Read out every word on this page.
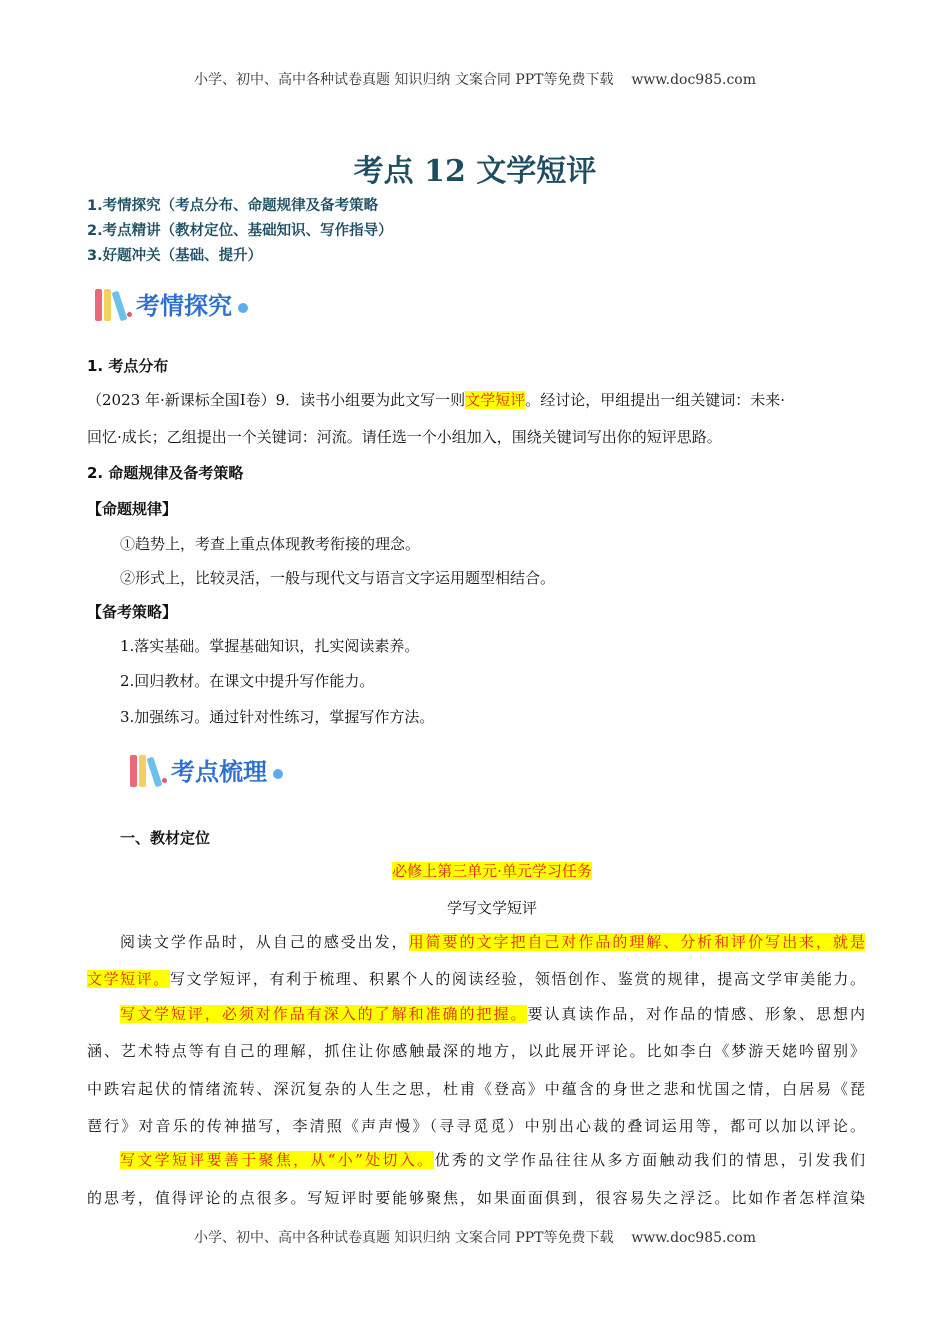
小学、初中、高中各种试卷真题 知识归纳 文案合同 PPT等免费下载 www.doc985.com
考点 12 文学短评
1.考情探究（考点分布、命题规律及备考策略
2.考点精讲（教材定位、基础知识、写作指导）
3.好题冲关（基础、提升）
考情探究
1. 考点分布
（2023 年·新课标全国Ⅰ卷）9．读书小组要为此文写一则文学短评。经讨论，甲组提出一组关键词：未来·
回忆·成长；乙组提出一个关键词：河流。请任选一个小组加入，围绕关键词写出你的短评思路。
2. 命题规律及备考策略
【命题规律】
①趋势上，考查上重点体现教考衔接的理念。
②形式上，比较灵活，一般与现代文与语言文字运用题型相结合。
【备考策略】
1.落实基础。掌握基础知识，扎实阅读素养。
2.回归教材。在课文中提升写作能力。
3.加强练习。通过针对性练习，掌握写作方法。
考点梳理
一、教材定位
必修上第三单元·单元学习任务
学写文学短评
阅读文学作品时，从自己的感受出发，用简要的文字把自己对作品的理解、分析和评价写出来，就是
文学短评。写文学短评，有利于梳理、积累个人的阅读经验，领悟创作、鉴赏的规律，提高文学审美能力。
写文学短评，必须对作品有深入的了解和准确的把握。要认真读作品，对作品的情感、形象、思想内
涵、艺术特点等有自己的理解，抓住让你感触最深的地方，以此展开评论。比如李白《梦游天姥吟留别》
中跌宕起伏的情绪流转、深沉复杂的人生之思，杜甫《登高》中蕴含的身世之悲和忧国之情，白居易《琵
琶行》对音乐的传神描写，李清照《声声慢》（寻寻觅觅）中别出心裁的叠词运用等，都可以加以评论。
写文学短评要善于聚焦，从“小”处切入。优秀的文学作品往往从多方面触动我们的情思，引发我们
的思考，值得评论的点很多。写短评时要能够聚焦，如果面面俱到，很容易失之浮泛。比如作者怎样渲染
小学、初中、高中各种试卷真题 知识归纳 文案合同 PPT等免费下载 www.doc985.com
